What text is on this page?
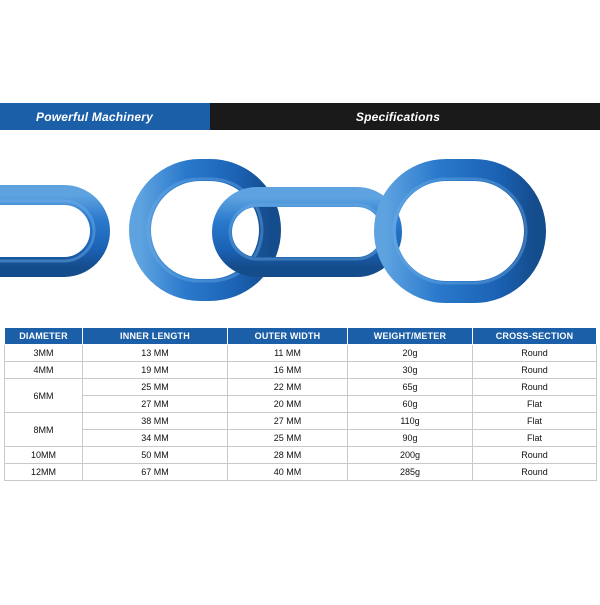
Powerful Machinery	Specifications
DIAMETER	INNER LENGTH	OUTER WIDTH	WEIGHT/METER	CROSS-SECTION
3MM	13 MM	11 MM	20g	Round
4MM	19 MM	16 MM	30g	Round
6MM	25 MM	22 MM	65g	Round
	27 MM	20 MM	60g	Flat
8MM	38 MM	27 MM	110g	Flat
	34 MM	25 MM	90g	Flat
10MM	50 MM	28 MM	200g	Round
12MM	67 MM	40 MM	285g	Round
